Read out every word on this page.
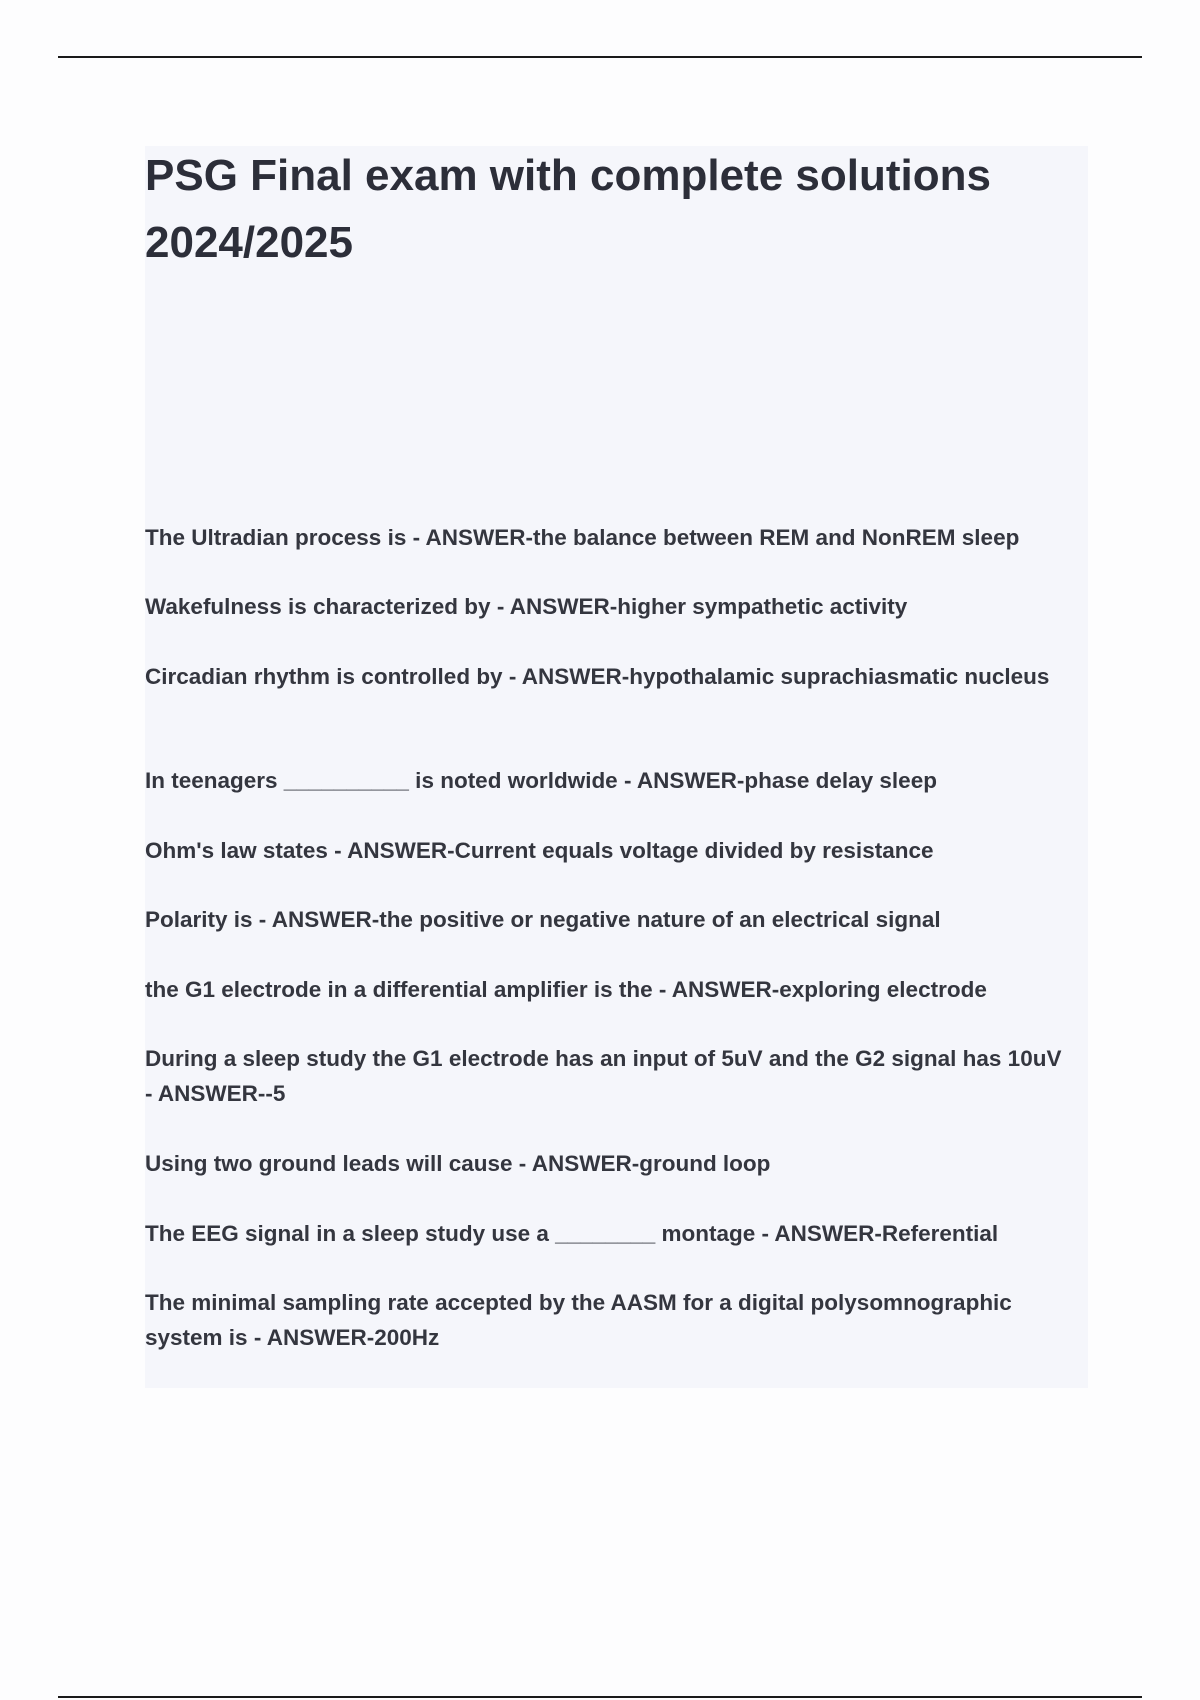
PSG Final exam with complete solutions 2024/2025
The Ultradian process is - ANSWER-the balance between REM and NonREM sleep
Wakefulness is characterized by - ANSWER-higher sympathetic activity
Circadian rhythm is controlled by - ANSWER-hypothalamic suprachiasmatic nucleus
In teenagers __________ is noted worldwide - ANSWER-phase delay sleep
Ohm's law states - ANSWER-Current equals voltage divided by resistance
Polarity is - ANSWER-the positive or negative nature of an electrical signal
the G1 electrode in a differential amplifier is the - ANSWER-exploring electrode
During a sleep study the G1 electrode has an input of 5uV and the G2 signal has 10uV - ANSWER--5
Using two ground leads will cause - ANSWER-ground loop
The EEG signal in a sleep study use a ________ montage - ANSWER-Referential
The minimal sampling rate accepted by the AASM for a digital polysomnographic system is - ANSWER-200Hz
